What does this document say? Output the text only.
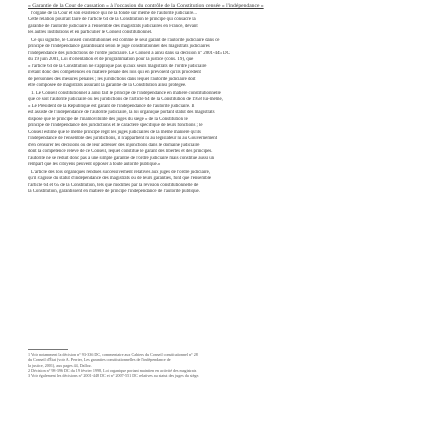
« Garantie de la Cour de cassation » à l'occasion du contrôle de la Constitution censée « l'indépendance »
l'organe de la Cour et son existence qui ne la fonde sur même de l'autorité judiciaire...
Cette relation pourrait faire de l'article 64 de la Constitution le principe qui consacre la
garantie de l'autorité judiciaire à l'ensemble des magistrats judiciaires en France, devant
les autres institutions et en particulier le Conseil constitutionnel.
Ce qui signifie, le Conseil constitutionnel est comme le seul garant de l'autorité judiciaire dans ce
principe de l'indépendance garantissant selon le juge constitutionnel des magistrats judiciaires
l'indépendance des juridictions de l'ordre judiciaire. Le Conseil a ainsi dans sa décision n° 2001-445 DC
du 19 juin 2001, Loi d'orientation et de programmation pour la justice (cons. 19), que
« l'article 64 de la Constitution ne s'applique pas qu'aux seuls magistrats de l'ordre judiciaire
n'étant donc des compétences en matière pénale des lois qui en prévoient qu'ils procèdent
de personnes des mesures pénales ; les juridictions dans lequel l'autorité judiciaire doit
être composée de magistrats assurant la garantie de la Constitution ainsi protégée.
1. Le Conseil constitutionnel a ainsi fait le principe de l'indépendance en matière constitutionnelle
que ce soit l'autorité judiciaire ou les juridictions de l'article 64 de la Constitution de 1958 lui-même,
« Le Président de la République est garant de l'indépendance de l'autorité judiciaire. Il
est assisté de l'indépendance de l'autorité judiciaire, la loi organique portant statut des magistrats
dispose que le principe de l'inamovibilité des juges du siège » de la Constitution le
principe de l'indépendance des juridictions et le caractère spécifique de leurs fonctions ; le
Conseil estime que le même principe régit les juges judiciaires de la même manière qu'ils
l'indépendance de l'ensemble des juridictions, il n'appartient ni au législateur ni au Gouvernement
d'en censurer les décisions ou de leur adresser des injonctions dans le domaine judiciaire
dont la compétence relève de ce Conseil, lequel constitue le garant des libertés et des principes.
l'autorité ne se réduit donc pas à une simple garantie de l'ordre judiciaire mais constitue aussi un
rempart que les citoyens peuvent opposer à toute autorité publique.»
L'article des lois organiques rendues successivement relatives aux juges de l'ordre judiciaire,
qu'il s'agisse du statut d'indépendance des magistrats ou de leurs garanties, font que l'ensemble
l'article 64 et 65 de la Constitution, tels que modifiés par la révision constitutionnelle de
la Constitution, garantissent en matière de principe l'indépendance de l'autorité publique.
1 Voir notamment la décision n° 93-336 DC, commentaire aux Cahiers du Conseil constitutionnel n° 28
du Conseil d'État (voir A. Perrier, Les garanties constitutionnelles de l'indépendance de
la justice, 2001), aux pages 44, Dalloz.
2 Décision n° 98-396 DC du 19 février 1998, Loi organique portant maintien en activité des magistrats
3 Voir également les décisions n° 2001-448 DC et n° 2007-551 DC relatives au statut des juges du siège.
